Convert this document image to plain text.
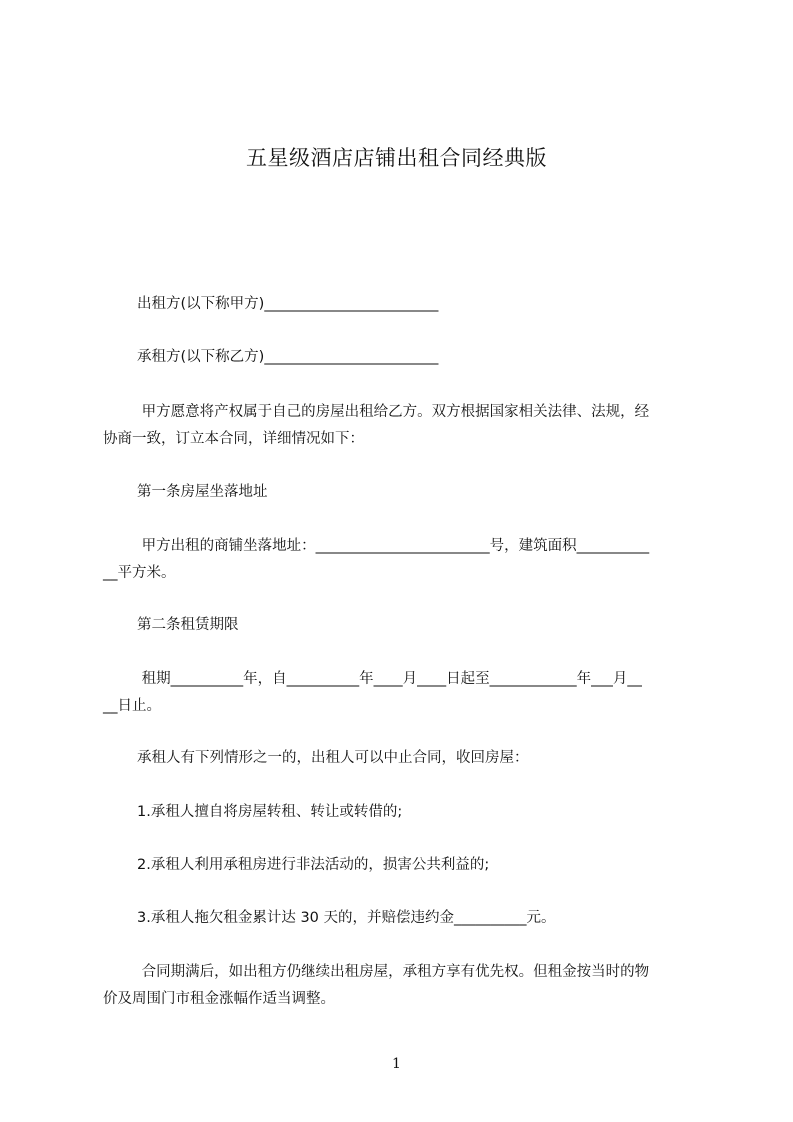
五星级酒店店铺出租合同经典版
出租方(以下称甲方)________________________
承租方(以下称乙方)________________________
甲方愿意将产权属于自己的房屋出租给乙方。双方根据国家相关法律、法规，经
协商一致，订立本合同，详细情况如下：
第一条房屋坐落地址
甲方出租的商铺坐落地址：________________________号，建筑面积__________
__平方米。
第二条租赁期限
租期__________年，自__________年____月____日起至____________年___月__
__日止。
承租人有下列情形之一的，出租人可以中止合同，收回房屋：
1.承租人擅自将房屋转租、转让或转借的;
2.承租人利用承租房进行非法活动的，损害公共利益的;
3.承租人拖欠租金累计达 30 天的，并赔偿违约金__________元。
合同期满后，如出租方仍继续出租房屋，承租方享有优先权。但租金按当时的物
价及周围门市租金涨幅作适当调整。
1
